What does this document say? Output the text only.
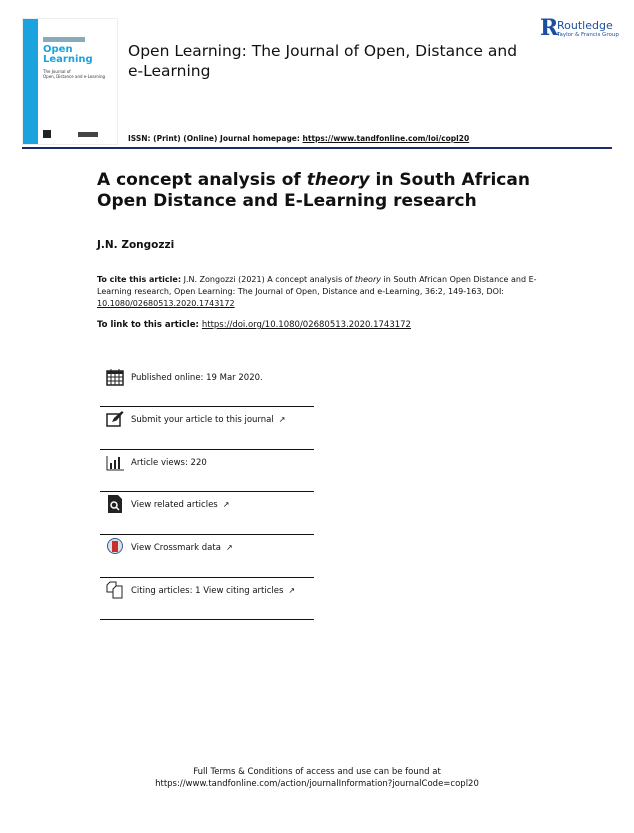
Open
Learning
The Journal of
Open, Distance and e-Learning
Open Learning: The Journal of Open, Distance and e-Learning
ISSN: (Print) (Online) Journal homepage: https://www.tandfonline.com/loi/copl20
R
Routledge
Taylor & Francis Group
A concept analysis of theory in South African Open Distance and E-Learning research
J.N. Zongozzi
To cite this article: J.N. Zongozzi (2021) A concept analysis of theory in South African Open Distance and E-Learning research, Open Learning: The Journal of Open, Distance and e-Learning, 36:2, 149-163, DOI: 10.1080/02680513.2020.1743172
To link to this article: https://doi.org/10.1080/02680513.2020.1743172
Published online: 19 Mar 2020.
Submit your article to this journal ↗
Article views: 220
View related articles ↗
View Crossmark data ↗
Citing articles: 1 View citing articles ↗
Full Terms & Conditions of access and use can be found at
https://www.tandfonline.com/action/journalInformation?journalCode=copl20
